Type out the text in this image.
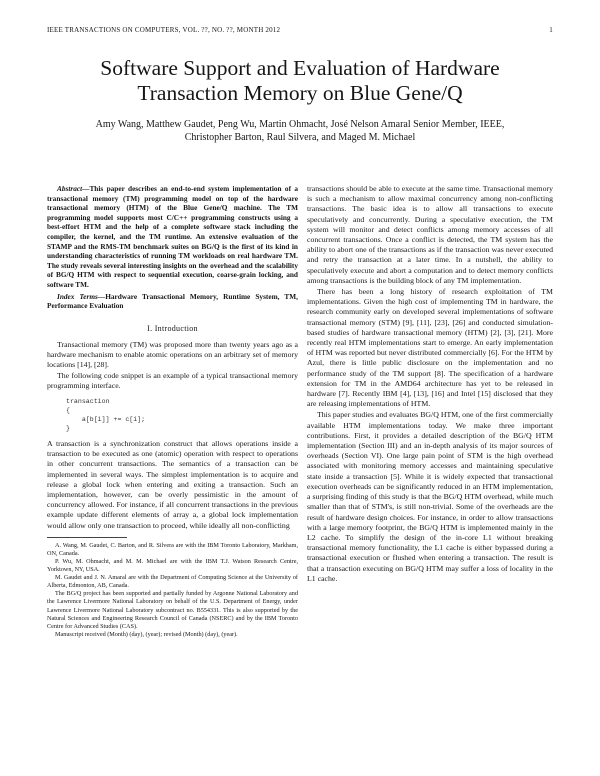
IEEE TRANSACTIONS ON COMPUTERS, VOL. ??, NO. ??, MONTH 2012	1
Software Support and Evaluation of Hardware
Transaction Memory on Blue Gene/Q
Amy Wang, Matthew Gaudet, Peng Wu, Martin Ohmacht, José Nelson Amaral Senior Member, IEEE,
Christopher Barton, Raul Silvera, and Maged M. Michael

Abstract—This paper describes an end-to-end system implementation of a transactional memory (TM) programming model on top of the hardware transactional memory (HTM) of the Blue Gene/Q machine. The TM programming model supports most C/C++ programming constructs using a best-effort HTM and the help of a complete software stack including the compiler, the kernel, and the TM runtime. An extensive evaluation of the STAMP and the RMS-TM benchmark suites on BG/Q is the first of its kind in understanding characteristics of running TM workloads on real hardware TM. The study reveals several interesting insights on the overhead and the scalability of BG/Q HTM with respect to sequential execution, coarse-grain locking, and software TM.

Index Terms—Hardware Transactional Memory, Runtime System, TM, Performance Evaluation

I. Introduction

Transactional memory (TM) was proposed more than twenty years ago as a hardware mechanism to enable atomic operations on an arbitrary set of memory locations [14], [28].

The following code snippet is an example of a typical transactional memory programming interface.

transaction
{
a[b[i]] += c[i];
}

A transaction is a synchronization construct that allows operations inside a transaction to be executed as one (atomic) operation with respect to operations in other concurrent transactions. The semantics of a transaction can be implemented in several ways. The simplest implementation is to acquire and release a global lock when entering and exiting a transaction. Such an implementation, however, can be overly pessimistic in the amount of concurrency allowed. For instance, if all concurrent transactions in the previous example update different elements of array a, a global lock implementation would allow only one transaction to proceed, while ideally all non-conflicting

A. Wang, M. Gaudet, C. Barton, and R. Silvera are with the IBM Toronto Laboratory, Markham, ON, Canada.

P. Wu, M. Ohmacht, and M. M. Michael are with the IBM T.J. Watson Research Centre, Yorktown, NY, USA.

M. Gaudet and J. N. Amaral are with the Department of Computing Science at the University of Alberta, Edmonton, AB, Canada.

The BG/Q project has been supported and partially funded by Argonne National Laboratory and the Lawrence Livermore National Laboratory on behalf of the U.S. Department of Energy, under Lawrence Livermore National Laboratory subcontract no. B554331. This is also supported by the Natural Sciences and Engineering Research Council of Canada (NSERC) and by the IBM Toronto Centre for Advanced Studies (CAS).

Manuscript received (Month) (day), (year); revised (Month) (day), (year).

transactions should be able to execute at the same time. Transactional memory is such a mechanism to allow maximal concurrency among non-conflicting transactions. The basic idea is to allow all transactions to execute speculatively and concurrently. During a speculative execution, the TM system will monitor and detect conflicts among memory accesses of all concurrent transactions. Once a conflict is detected, the TM system has the ability to abort one of the transactions as if the transaction was never executed and retry the transaction at a later time. In a nutshell, the ability to speculatively execute and abort a computation and to detect memory conflicts among transactions is the building block of any TM implementation.

There has been a long history of research exploitation of TM implementations. Given the high cost of implementing TM in hardware, the research community early on developed several implementations of software transactional memory (STM) [9], [11], [23], [26] and conducted simulation-based studies of hardware transactional memory (HTM) [2], [3], [21]. More recently real HTM implementations start to emerge. An early implementation of HTM was reported but never distributed commercially [6]. For the HTM by Azul, there is little public disclosure on the implementation and no performance study of the TM support [8]. The specification of a hardware extension for TM in the AMD64 architecture has yet to be released in hardware [7]. Recently IBM [4], [13], [16] and Intel [15] disclosed that they are releasing implementations of HTM.

This paper studies and evaluates BG/Q HTM, one of the first commercially available HTM implementations today. We make three important contributions. First, it provides a detailed description of the BG/Q HTM implementation (Section III) and an in-depth analysis of its major sources of overheads (Section VI). One large pain point of STM is the high overhead associated with monitoring memory accesses and maintaining speculative state inside a transaction [5]. While it is widely expected that transactional execution overheads can be significantly reduced in an HTM implementation, a surprising finding of this study is that the BG/Q HTM overhead, while much smaller than that of STM's, is still non-trivial. Some of the overheads are the result of hardware design choices. For instance, in order to allow transactions with a large memory footprint, the BG/Q HTM is implemented mainly in the L2 cache. To simplify the design of the in-core L1 without breaking transactional memory functionality, the L1 cache is either bypassed during a transactional execution or flushed when entering a transaction. The result is that a transaction executing on BG/Q HTM may suffer a loss of locality in the L1 cache.
